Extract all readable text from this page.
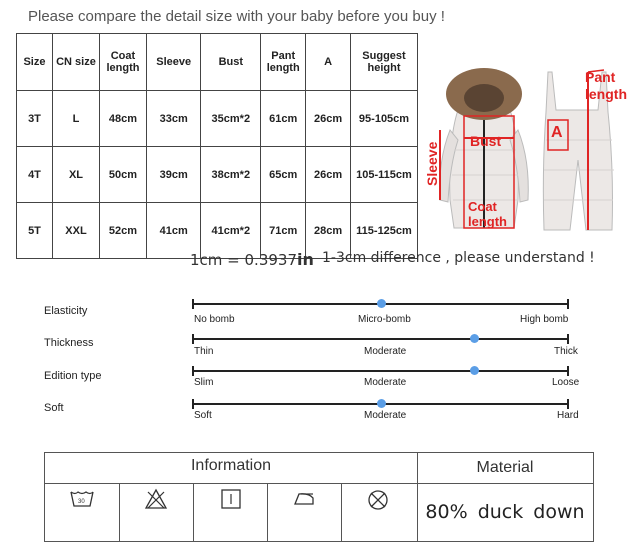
Please compare the detail size with your baby before you buy !
Size	CN size	Coat length	Sleeve	Bust	Pant length	A	Suggest height
3T	L	48cm	33cm	35cm*2	61cm	26cm	95-105cm
4T	XL	50cm	39cm	38cm*2	65cm	26cm	105-115cm
5T	XXL	52cm	41cm	41cm*2	71cm	28cm	115-125cm
Sleeve
Bust
Coat length
A
Pant length
1cm = 0.3937in 1-3cm difference , please understand !
Elasticity
Thickness
Edition type
Soft
No bomb	Micro-bomb	High bomb
Thin	Moderate	Thick
Slim	Moderate	Loose
Soft	Moderate	Hard
Information	Material
80% duck down
30
